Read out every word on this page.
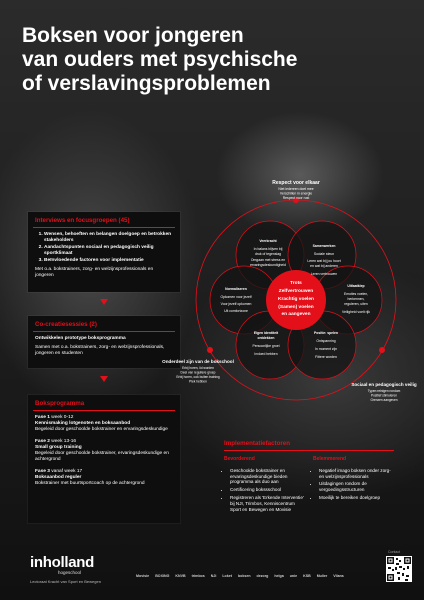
Boksen voor jongeren
van ouders met psychische
of verslavingsproblemen
Interviews en focusgroepen (45)
1. Wensen, behoeften en belangen doelgoep en betrokken stakeholders
2. Aandachtspunten sociaal en pedagogisch veilig sportklimaat
3. Beïnvloedende factoren voor implementatie

Met o.a. bokstrainers, zorg- en welzijnsprofessionals en jongeren

Co-creatiesessies (2)
Ontwikkelen prototype boksprogramma

Samen met o.a. bokstrainers, zorg- en welzijnsprofessionals, jongeren en studenten

Boksprogramma
Fase 1 week 0-12
Kennismaking lotgenoten en boksaanbod
Begeleid door geschoolde bokstrainer en ervaringsdeskundige
Fase 2 week 13-16
Small group training
Begeleid door geschoolde bokstrainer, ervaringsdeskundige en achtergrond
Fase 3 vanaf week 17
Boksaanbod reguler
Bokstrainer met buurtsportcoach op de achtergrond
Trots
Zelfvertrouwen
Krachtig voelen
(Samen) voelen
en aangeven
Veerkracht
In balans blijven bij
druk of tegenslag
Omgaan met stress en
ervaringsdeskundigheid
Samenwerken
Sociale steun
Leren wat bij jou hoort
en wat bij anderen
Leren vertrouwen
Normaliseren
Opkomen voor jezelf
Voor jezelf opkomen
Uit comfortzone
Uitlaatklep
Emoties voelen,
herkennen,
reguleren, uiten
Veiligheid voelt rijk
Eigen identiteit
ontdekken
Persoonlijke groei
Invloed hebben
Positie: spelen
Ontspanning
In moment zijn
Fittere worden
Respect voor elkaar
Niet iedereen doet mee
Verschillen in energie
Respect voor rust
Onderdeel zijn van de bokschool
Erbij horen, lid worden
Deel van reguliere groep
Erbij horen, ook buiten training
Plek hebben
Sociaal en pedagogisch veilig
Typen reinigen rondom
Positief stimuleren
Grenzen aangeven
Implementatiefactoren
Bevorderend
• Geschoolde bokstrainer en ervaringsdeskundige bieden programma als duo aan
• Certificering bokssschool
• Registreren als 'Erkende Interventie' bij NJI, Trimbos, Kenniscentrum Sport en Bewegen en Movisie
Belemmerend
• Negatief imago boksen onder zorg- en welzijnsprofessionals
• Uitdagingen rondom de vergoedingsstructuren
• Moeilijk te bereiken doelgroep
inholland
hogeschool
Lectoraat Kracht van Sport en Bewegen
Movisie BOXING KNVB trimbos NJi Loket boksen dezorg helga unie KSB Mulier Vilans
Contact
